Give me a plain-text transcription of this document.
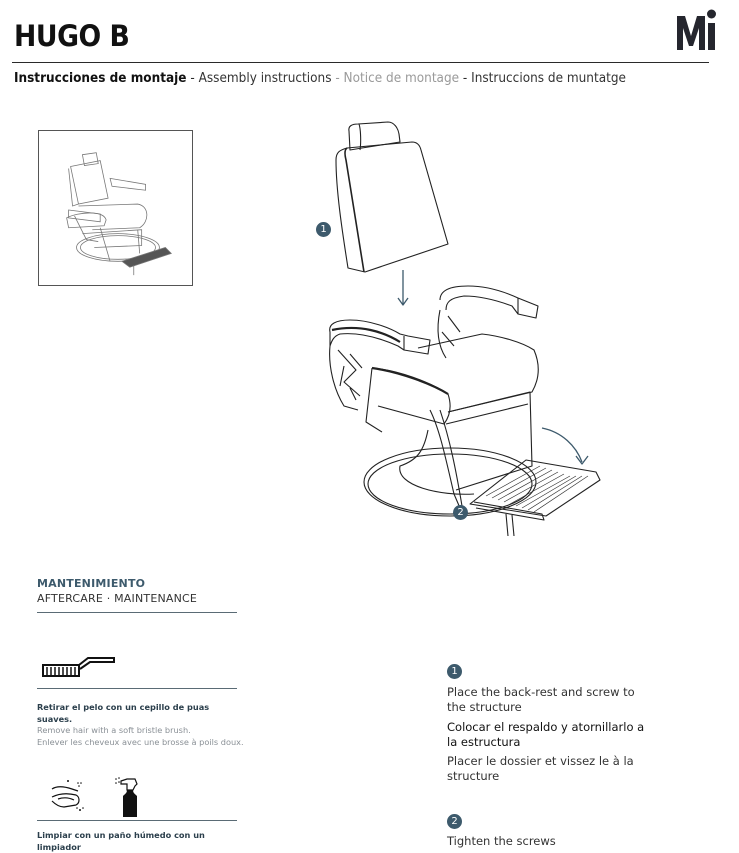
HUGO B
Instrucciones de montaje - Assembly instructions - Notice de montage - Instruccions de muntatge
1
2
MANTENIMIENTO
AFTERCARE · MAINTENANCE
Retirar el pelo con un cepillo de puas suaves.
Remove hair with a soft bristle brush.
Enlever les cheveux avec une brosse à poils doux.
Limpiar con un paño húmedo con un limpiador
1
Place the back-rest and screw to the structure
Colocar el respaldo y atornillarlo a la estructura
Placer le dossier et vissez le à la structure
2
Tighten the screws
